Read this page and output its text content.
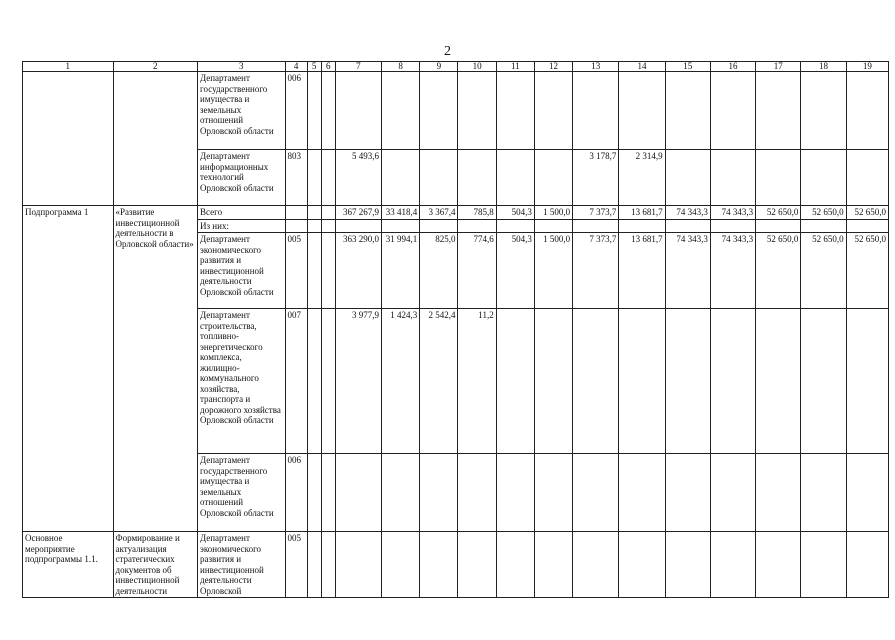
2
1	2	3	4	5	6	7	8	9	10	11	12	13	14	15	16	17	18	19
		Департамент государственного имущества и земельных отношений Орловской области	006															
		Департамент информационных технологий Орловской области	803			5 493,6						3 178,7	2 314,9					
Подпрограмма 1	«Развитие инвестиционной деятельности в Орловской области»	Всего				367 267,9	33 418,4	3 367,4	785,8	504,3	1 500,0	7 373,7	13 681,7	74 343,3	74 343,3	52 650,0	52 650,0	52 650,0
		Из них:																
		Департамент экономического развития и инвестиционной деятельности Орловской области	005			363 290,0	31 994,1	825,0	774,6	504,3	1 500,0	7 373,7	13 681,7	74 343,3	74 343,3	52 650,0	52 650,0	52 650,0
		Департамент строительства, топливно-энергетического комплекса, жилищно-коммунального хозяйства, транспорта и дорожного хозяйства Орловской области	007			3 977,9	1 424,3	2 542,4	11,2									
		Департамент государственного имущества и земельных отношений Орловской области	006															
Основное мероприятие подпрограммы 1.1.	Формирование и актуализация стратегических документов об инвестиционной деятельности	Департамент экономического развития и инвестиционной деятельности Орловской	005															
